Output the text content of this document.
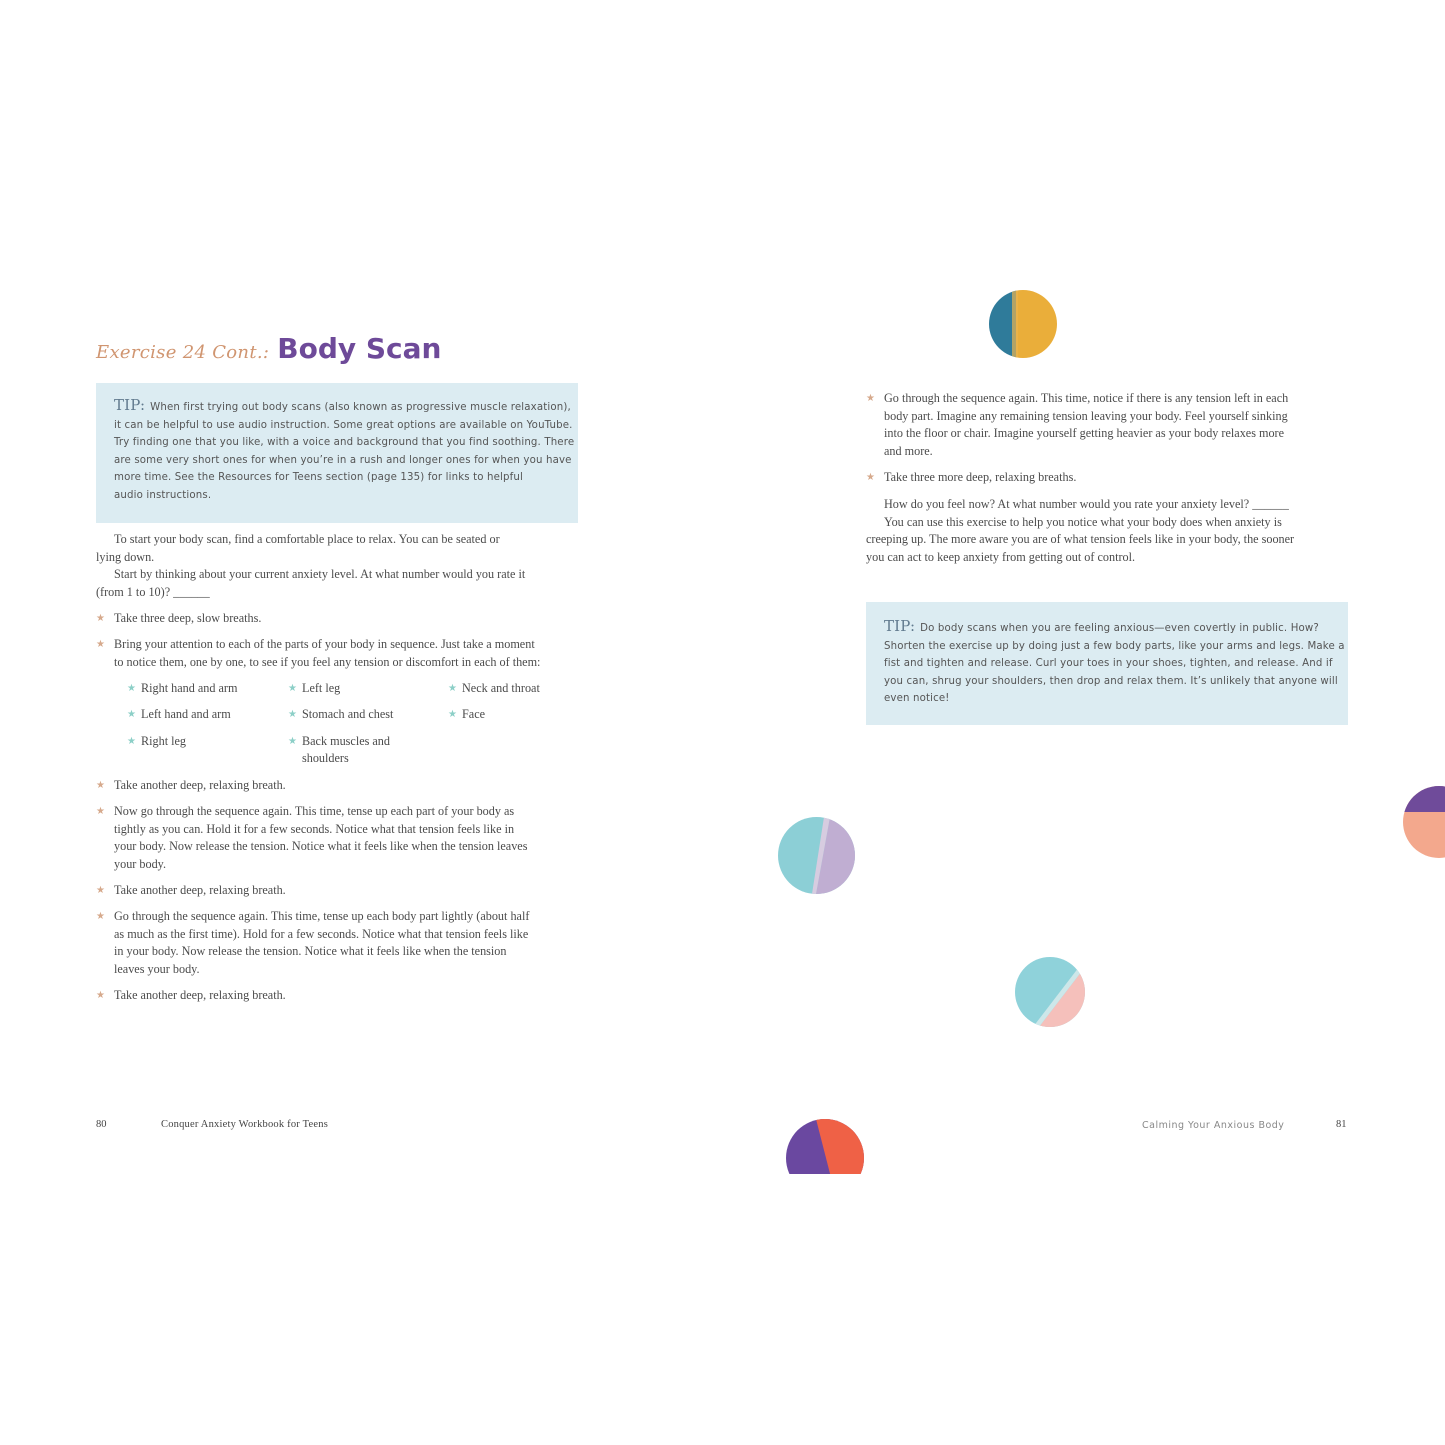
Exercise 24 Cont.: Body Scan
TIP: When first trying out body scans (also known as progressive muscle relaxation),
it can be helpful to use audio instruction. Some great options are available on YouTube.
Try finding one that you like, with a voice and background that you find soothing. There
are some very short ones for when you’re in a rush and longer ones for when you have
more time. See the Resources for Teens section (page 135) for links to helpful
audio instructions.
To start your body scan, find a comfortable place to relax. You can be seated or
lying down.
Start by thinking about your current anxiety level. At what number would you rate it
(from 1 to 10)? ______
★ Take three deep, slow breaths.
★ Bring your attention to each of the parts of your body in sequence. Just take a moment
to notice them, one by one, to see if you feel any tension or discomfort in each of them:
★ Right hand and arm
★ Left hand and arm
★ Right leg
★ Left leg
★ Stomach and chest
★ Back muscles and
shoulders
★ Neck and throat
★ Face
★ Take another deep, relaxing breath.
★ Now go through the sequence again. This time, tense up each part of your body as
tightly as you can. Hold it for a few seconds. Notice what that tension feels like in
your body. Now release the tension. Notice what it feels like when the tension leaves
your body.
★ Take another deep, relaxing breath.
★ Go through the sequence again. This time, tense up each body part lightly (about half
as much as the first time). Hold for a few seconds. Notice what that tension feels like
in your body. Now release the tension. Notice what it feels like when the tension
leaves your body.
★ Take another deep, relaxing breath.
★ Go through the sequence again. This time, notice if there is any tension left in each
body part. Imagine any remaining tension leaving your body. Feel yourself sinking
into the floor or chair. Imagine yourself getting heavier as your body relaxes more
and more.
★ Take three more deep, relaxing breaths.
How do you feel now? At what number would you rate your anxiety level? ______
You can use this exercise to help you notice what your body does when anxiety is
creeping up. The more aware you are of what tension feels like in your body, the sooner
you can act to keep anxiety from getting out of control.
TIP: Do body scans when you are feeling anxious—even covertly in public. How?
Shorten the exercise up by doing just a few body parts, like your arms and legs. Make a
fist and tighten and release. Curl your toes in your shoes, tighten, and release. And if
you can, shrug your shoulders, then drop and relax them. It’s unlikely that anyone will
even notice!
80	Conquer Anxiety Workbook for Teens	Calming Your Anxious Body	81
